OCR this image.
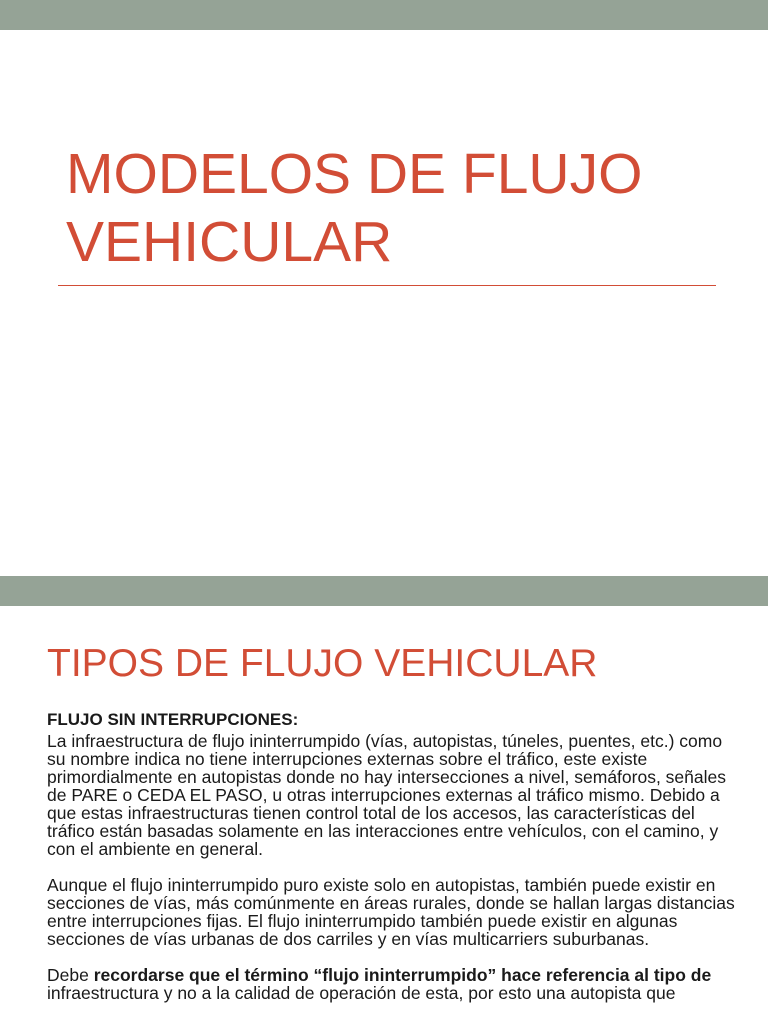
MODELOS DE FLUJO VEHICULAR
TIPOS DE FLUJO VEHICULAR
FLUJO SIN INTERRUPCIONES:
La infraestructura de flujo ininterrumpido (vías, autopistas, túneles, puentes, etc.) como su nombre indica no tiene interrupciones externas sobre el tráfico, este existe primordialmente en autopistas donde no hay intersecciones a nivel, semáforos, señales de PARE o CEDA EL PASO, u otras interrupciones externas al tráfico mismo. Debido a que estas infraestructuras tienen control total de los accesos, las características del tráfico están basadas solamente en las interacciones entre vehículos, con el camino, y con el ambiente en general.
Aunque el flujo ininterrumpido puro existe solo en autopistas, también puede existir en secciones de vías, más comúnmente en áreas rurales, donde se hallan largas distancias entre interrupciones fijas. El flujo ininterrumpido también puede existir en algunas secciones de vías urbanas de dos carriles y en vías multicarriers suburbanas.
Debe recordarse que el término “flujo ininterrumpido” hace referencia al tipo de infraestructura y no a la calidad de operación de esta, por esto una autopista que
